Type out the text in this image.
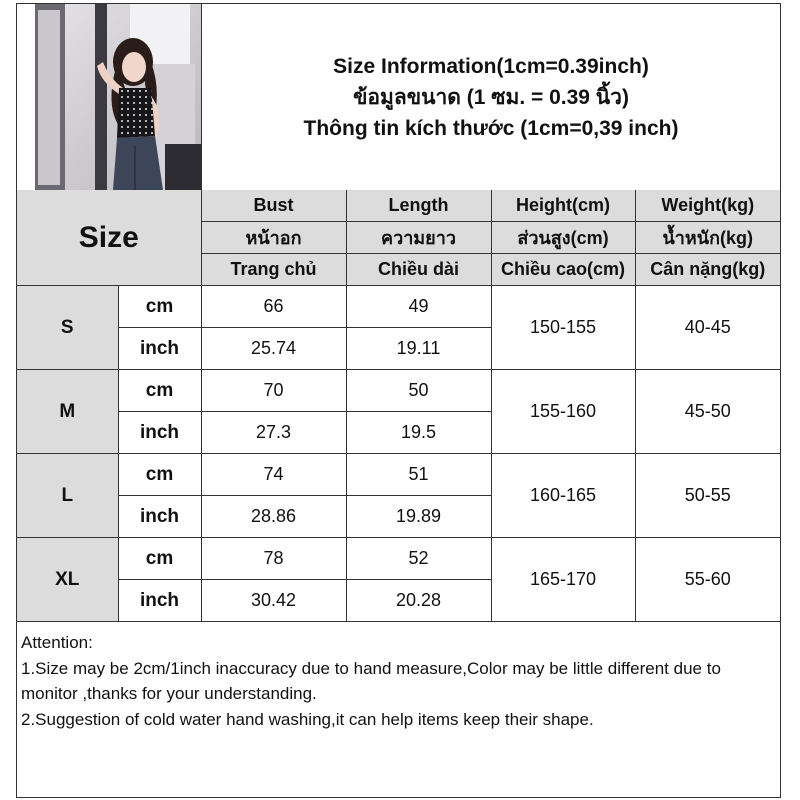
Size Information(1cm=0.39inch)
ข้อมูลขนาด (1 ซม. = 0.39 นิ้ว)
Thông tin kích thước (1cm=0,39 inch)
Size		Bust	Length	Height(cm)	Weight(kg)
		หน้าอก	ความยาว	ส่วนสูง(cm)	น้ำหนัก(kg)
		Trang chủ	Chiều dài	Chiều cao(cm)	Cân nặng(kg)
S	cm	66	49	150-155	40-45
	inch	25.74	19.11		
M	cm	70	50	155-160	45-50
	inch	27.3	19.5		
L	cm	74	51	160-165	50-55
	inch	28.86	19.89		
XL	cm	78	52	165-170	55-60
	inch	30.42	20.28		
Attention:
1.Size may be 2cm/1inch inaccuracy due to hand measure,Color may be little different due to monitor ,thanks for your understanding.
2.Suggestion of cold water hand washing,it can help items keep their shape.
